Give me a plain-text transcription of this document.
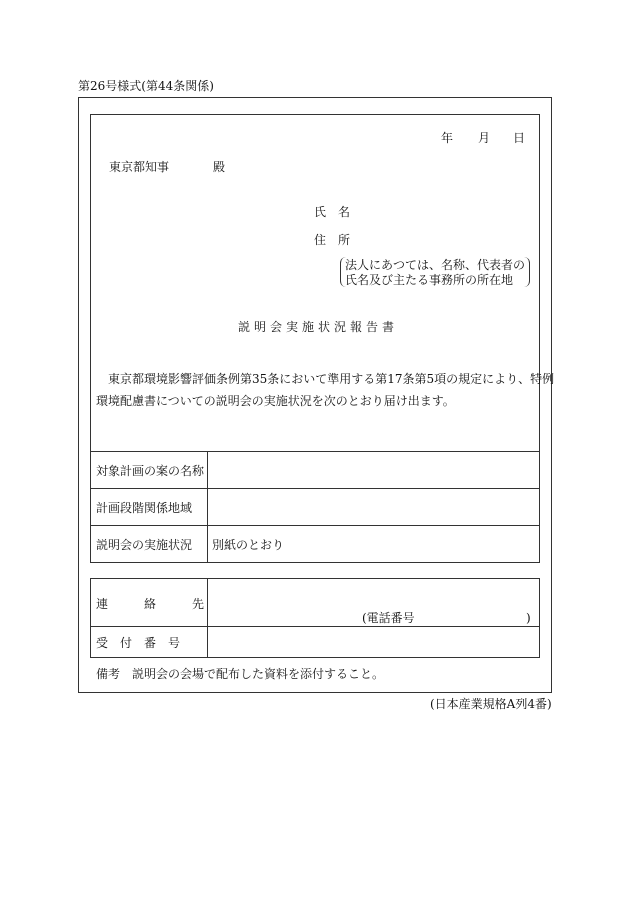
第26号様式(第44条関係)
年 月 日
東京都知事	殿
氏　名
住　所
法人にあつては、名称、代表者の
氏名及び主たる事務所の所在地
説明会実施状況報告書
東京都環境影響評価条例第35条において準用する第17条第5項の規定により、特例
環境配慮書についての説明会の実施状況を次のとおり届け出ます。
対象計画の案の名称
計画段階関係地域
説明会の実施状況 別紙のとおり
連　　　絡　　　先
(電話番号	)
受　付　番　号
備考　説明会の会場で配布した資料を添付すること。
(日本産業規格A列4番)
